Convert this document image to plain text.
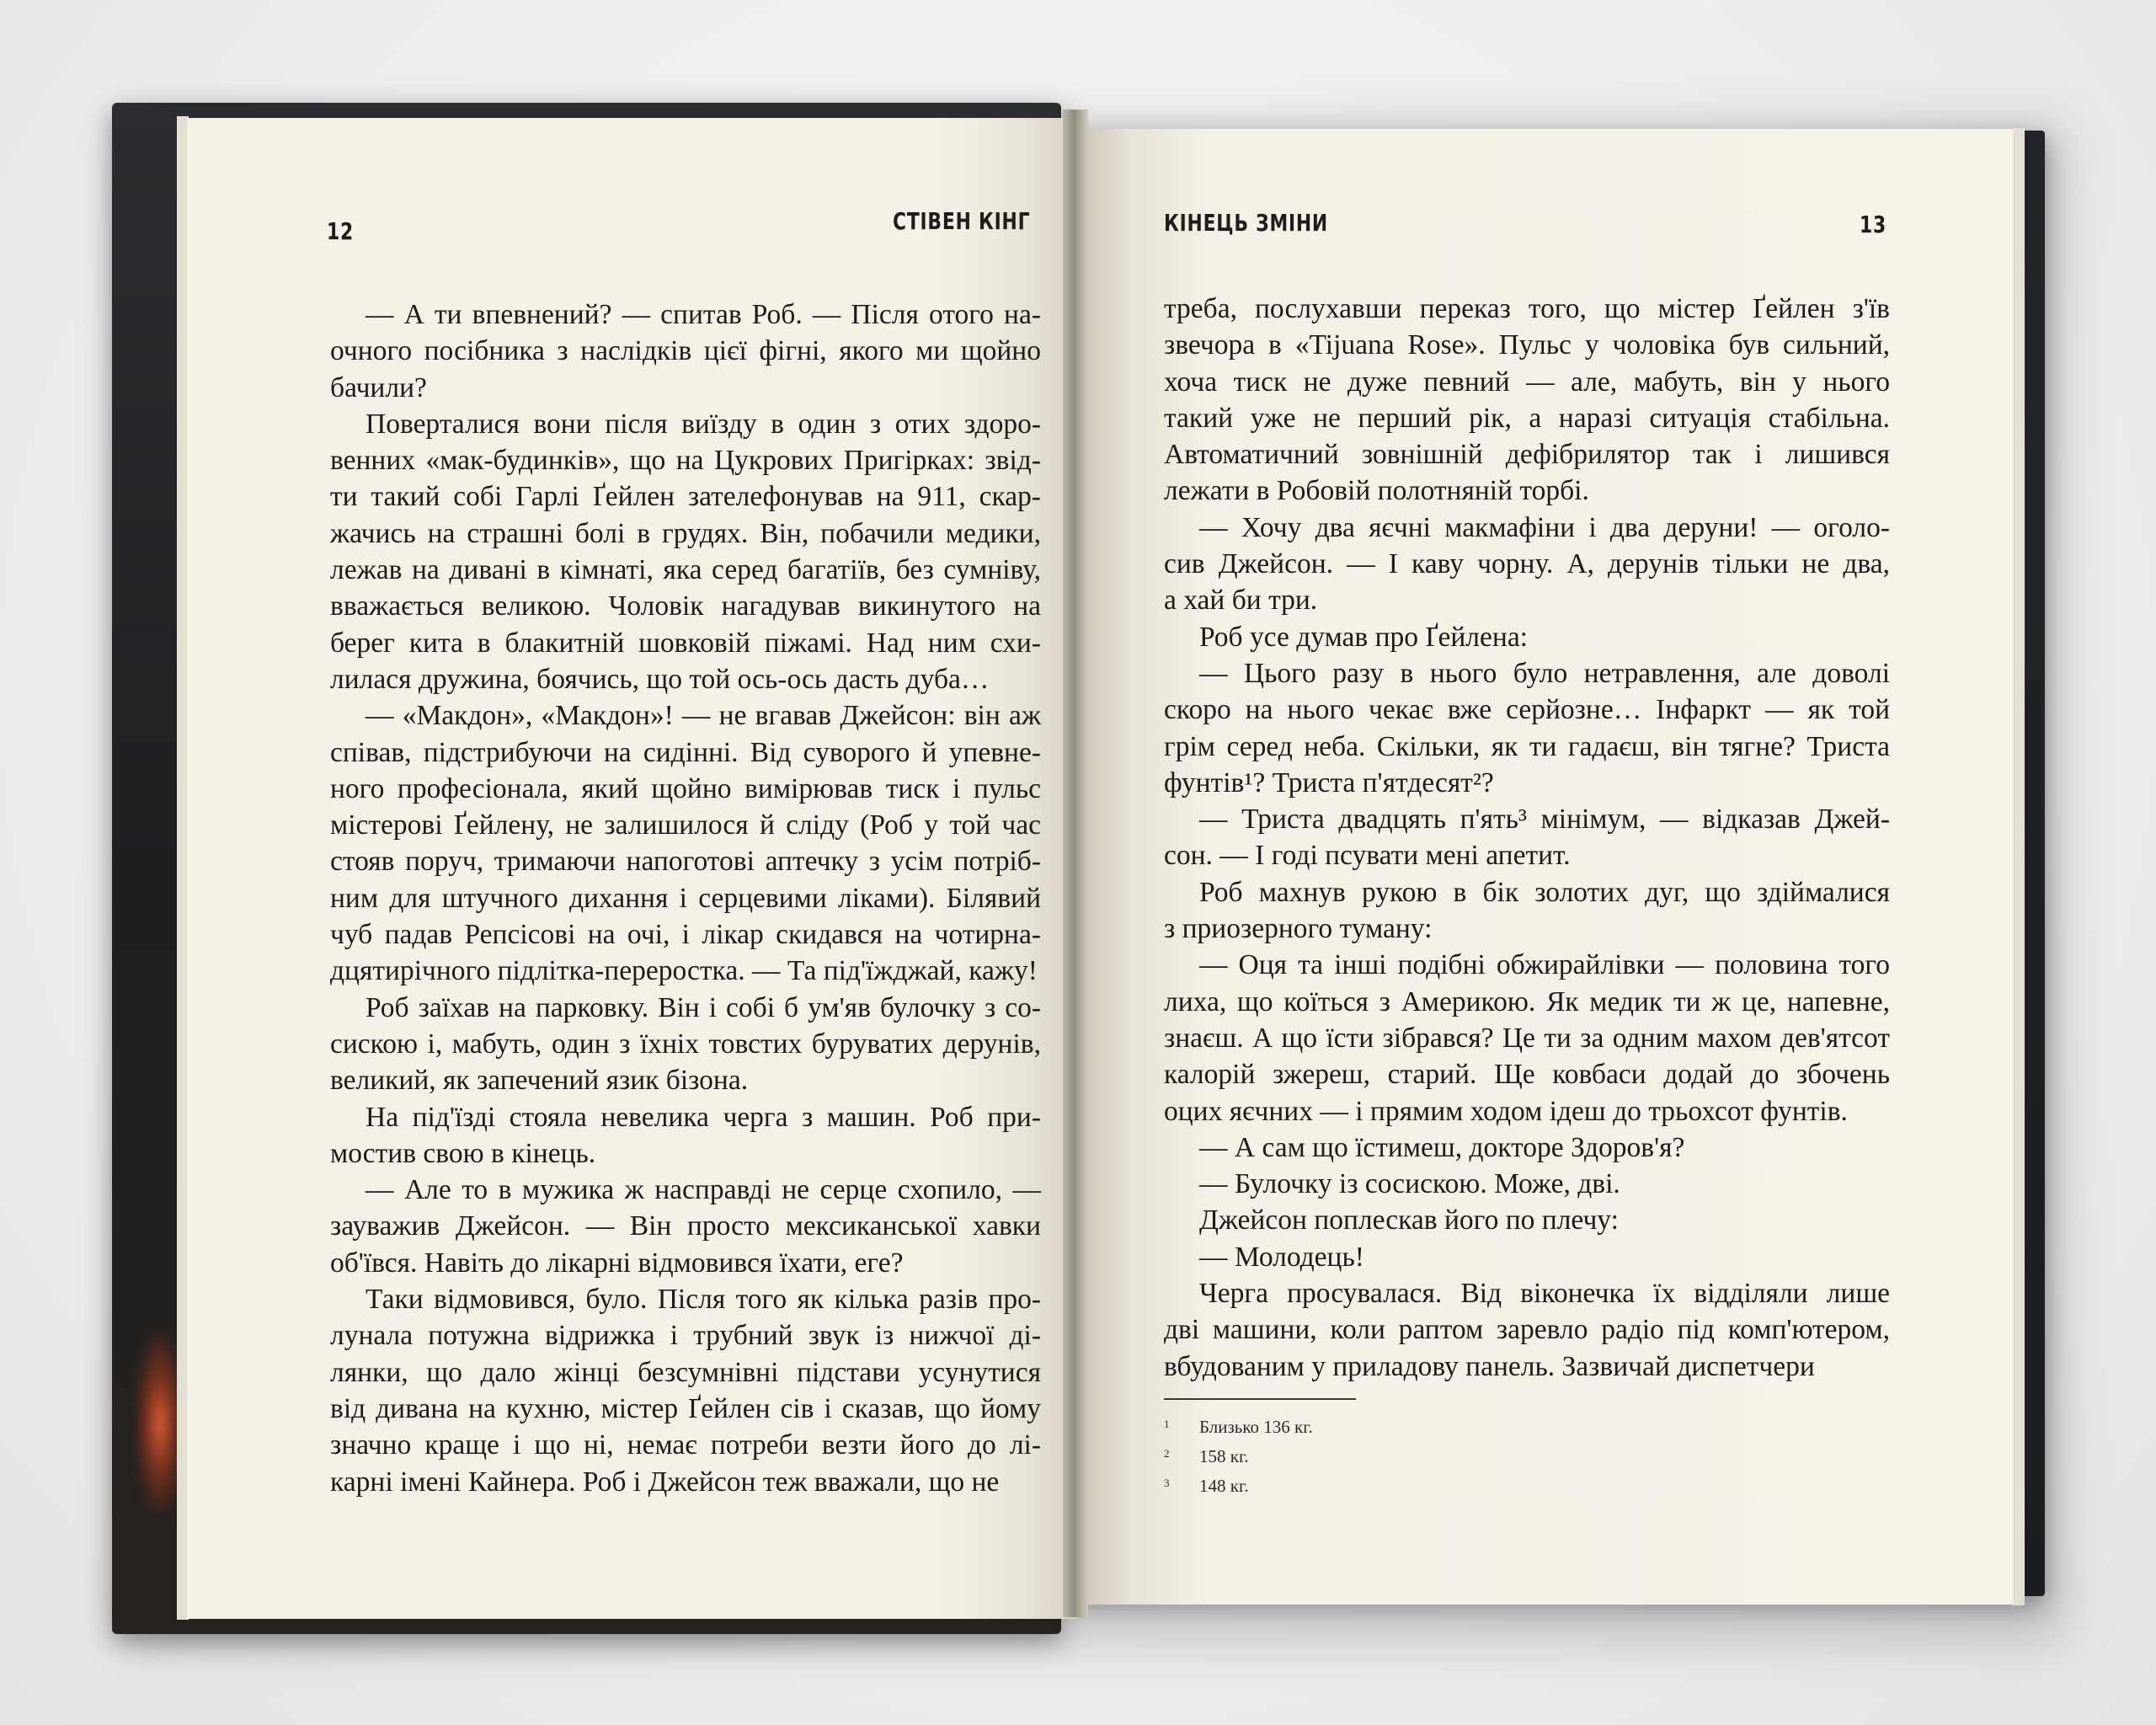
12	СТІВЕН КІНГ	КІНЕЦЬ ЗМІНИ	13
— А ти впевнений? — спитав Роб. — Після отого на-
очного посібника з наслідків цієї фігні, якого ми щойно
бачили?
Поверталися вони після виїзду в один з отих здоро-
венних «мак-будинків», що на Цукрових Пригірках: звід-
ти такий собі Гарлі Ґейлен зателефонував на 911, скар-
жачись на страшні болі в грудях. Він, побачили медики,
лежав на дивані в кімнаті, яка серед багатіїв, без сумніву,
вважається великою. Чоловік нагадував викинутого на
берег кита в блакитній шовковій піжамі. Над ним схи-
лилася дружина, боячись, що той ось-ось дасть дуба…
— «Макдон», «Макдон»! — не вгавав Джейсон: він аж
співав, підстрибуючи на сидінні. Від суворого й упевне-
ного професіонала, який щойно вимірював тиск і пульс
містерові Ґейлену, не залишилося й сліду (Роб у той час
стояв поруч, тримаючи напоготові аптечку з усім потріб-
ним для штучного дихання і серцевими ліками). Білявий
чуб падав Репсісові на очі, і лікар скидався на чотирна-
дцятирічного підлітка-переростка. — Та під'їжджай, кажу!
Роб заїхав на парковку. Він і собі б ум'яв булочку з со-
сискою і, мабуть, один з їхніх товстих буруватих дерунів,
великий, як запечений язик бізона.
На під'їзді стояла невелика черга з машин. Роб при-
мостив свою в кінець.
— Але то в мужика ж насправді не серце схопило, —
зауважив Джейсон. — Він просто мексиканської хавки
об'ївся. Навіть до лікарні відмовився їхати, еге?
Таки відмовився, було. Після того як кілька разів про-
лунала потужна відрижка і трубний звук із нижчої ді-
лянки, що дало жінці безсумнівні підстави усунутися
від дивана на кухню, містер Ґейлен сів і сказав, що йому
значно краще і що ні, немає потреби везти його до лі-
карні імені Кайнера. Роб і Джейсон теж вважали, що не
треба, послухавши переказ того, що містер Ґейлен з'їв
звечора в «Tijuana Rose». Пульс у чоловіка був сильний,
хоча тиск не дуже певний — але, мабуть, він у нього
такий уже не перший рік, а наразі ситуація стабільна.
Автоматичний зовнішній дефібрилятор так і лишився
лежати в Робовій полотняній торбі.
— Хочу два яєчні макмафіни і два деруни! — оголо-
сив Джейсон. — І каву чорну. А, дерунів тільки не два,
а хай би три.
Роб усе думав про Ґейлена:
— Цього разу в нього було нетравлення, але доволі
скоро на нього чекає вже серйозне… Інфаркт — як той
грім серед неба. Скільки, як ти гадаєш, він тягне? Триста
фунтів¹? Триста п'ятдесят²?
— Триста двадцять п'ять³ мінімум, — відказав Джей-
сон. — І годі псувати мені апетит.
Роб махнув рукою в бік золотих дуг, що здіймалися
з приозерного туману:
— Оця та інші подібні обжирайлівки — половина того
лиха, що коїться з Америкою. Як медик ти ж це, напевне,
знаєш. А що їсти зібрався? Це ти за одним махом дев'ятсот
калорій зжереш, старий. Ще ковбаси додай до збочень
оцих яєчних — і прямим ходом ідеш до трьохсот фунтів.
— А сам що їстимеш, докторе Здоров'я?
— Булочку із сосискою. Може, дві.
Джейсон поплескав його по плечу:
— Молодець!
Черга просувалася. Від віконечка їх відділяли лише
дві машини, коли раптом заревло радіо під комп'ютером,
вбудованим у приладову панель. Зазвичай диспетчери
1	Близько 136 кг.
2	158 кг.
3	148 кг.
